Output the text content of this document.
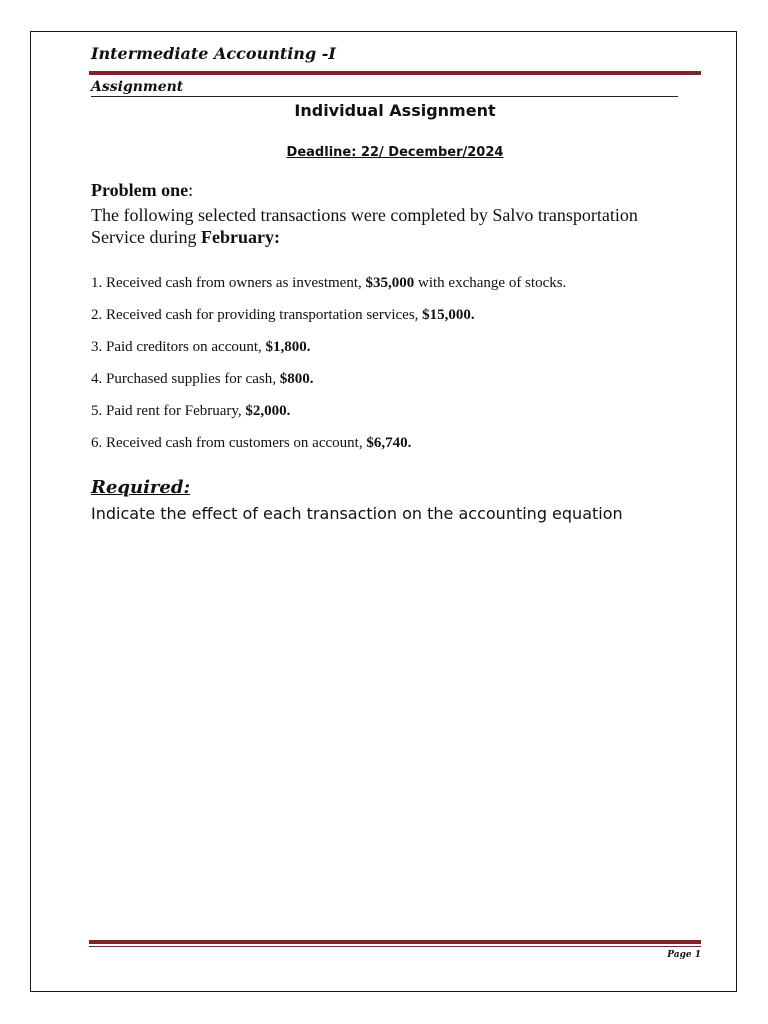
Intermediate Accounting -I
Assignment
Individual Assignment
Deadline: 22/ December/2024
Problem one:
The following selected transactions were completed by Salvo transportation Service during February:
1. Received cash from owners as investment, $35,000 with exchange of stocks.
2. Received cash for providing transportation services, $15,000.
3. Paid creditors on account, $1,800.
4. Purchased supplies for cash, $800.
5. Paid rent for February, $2,000.
6. Received cash from customers on account, $6,740.
Required:
Indicate the effect of each transaction on the accounting equation
Page 1
